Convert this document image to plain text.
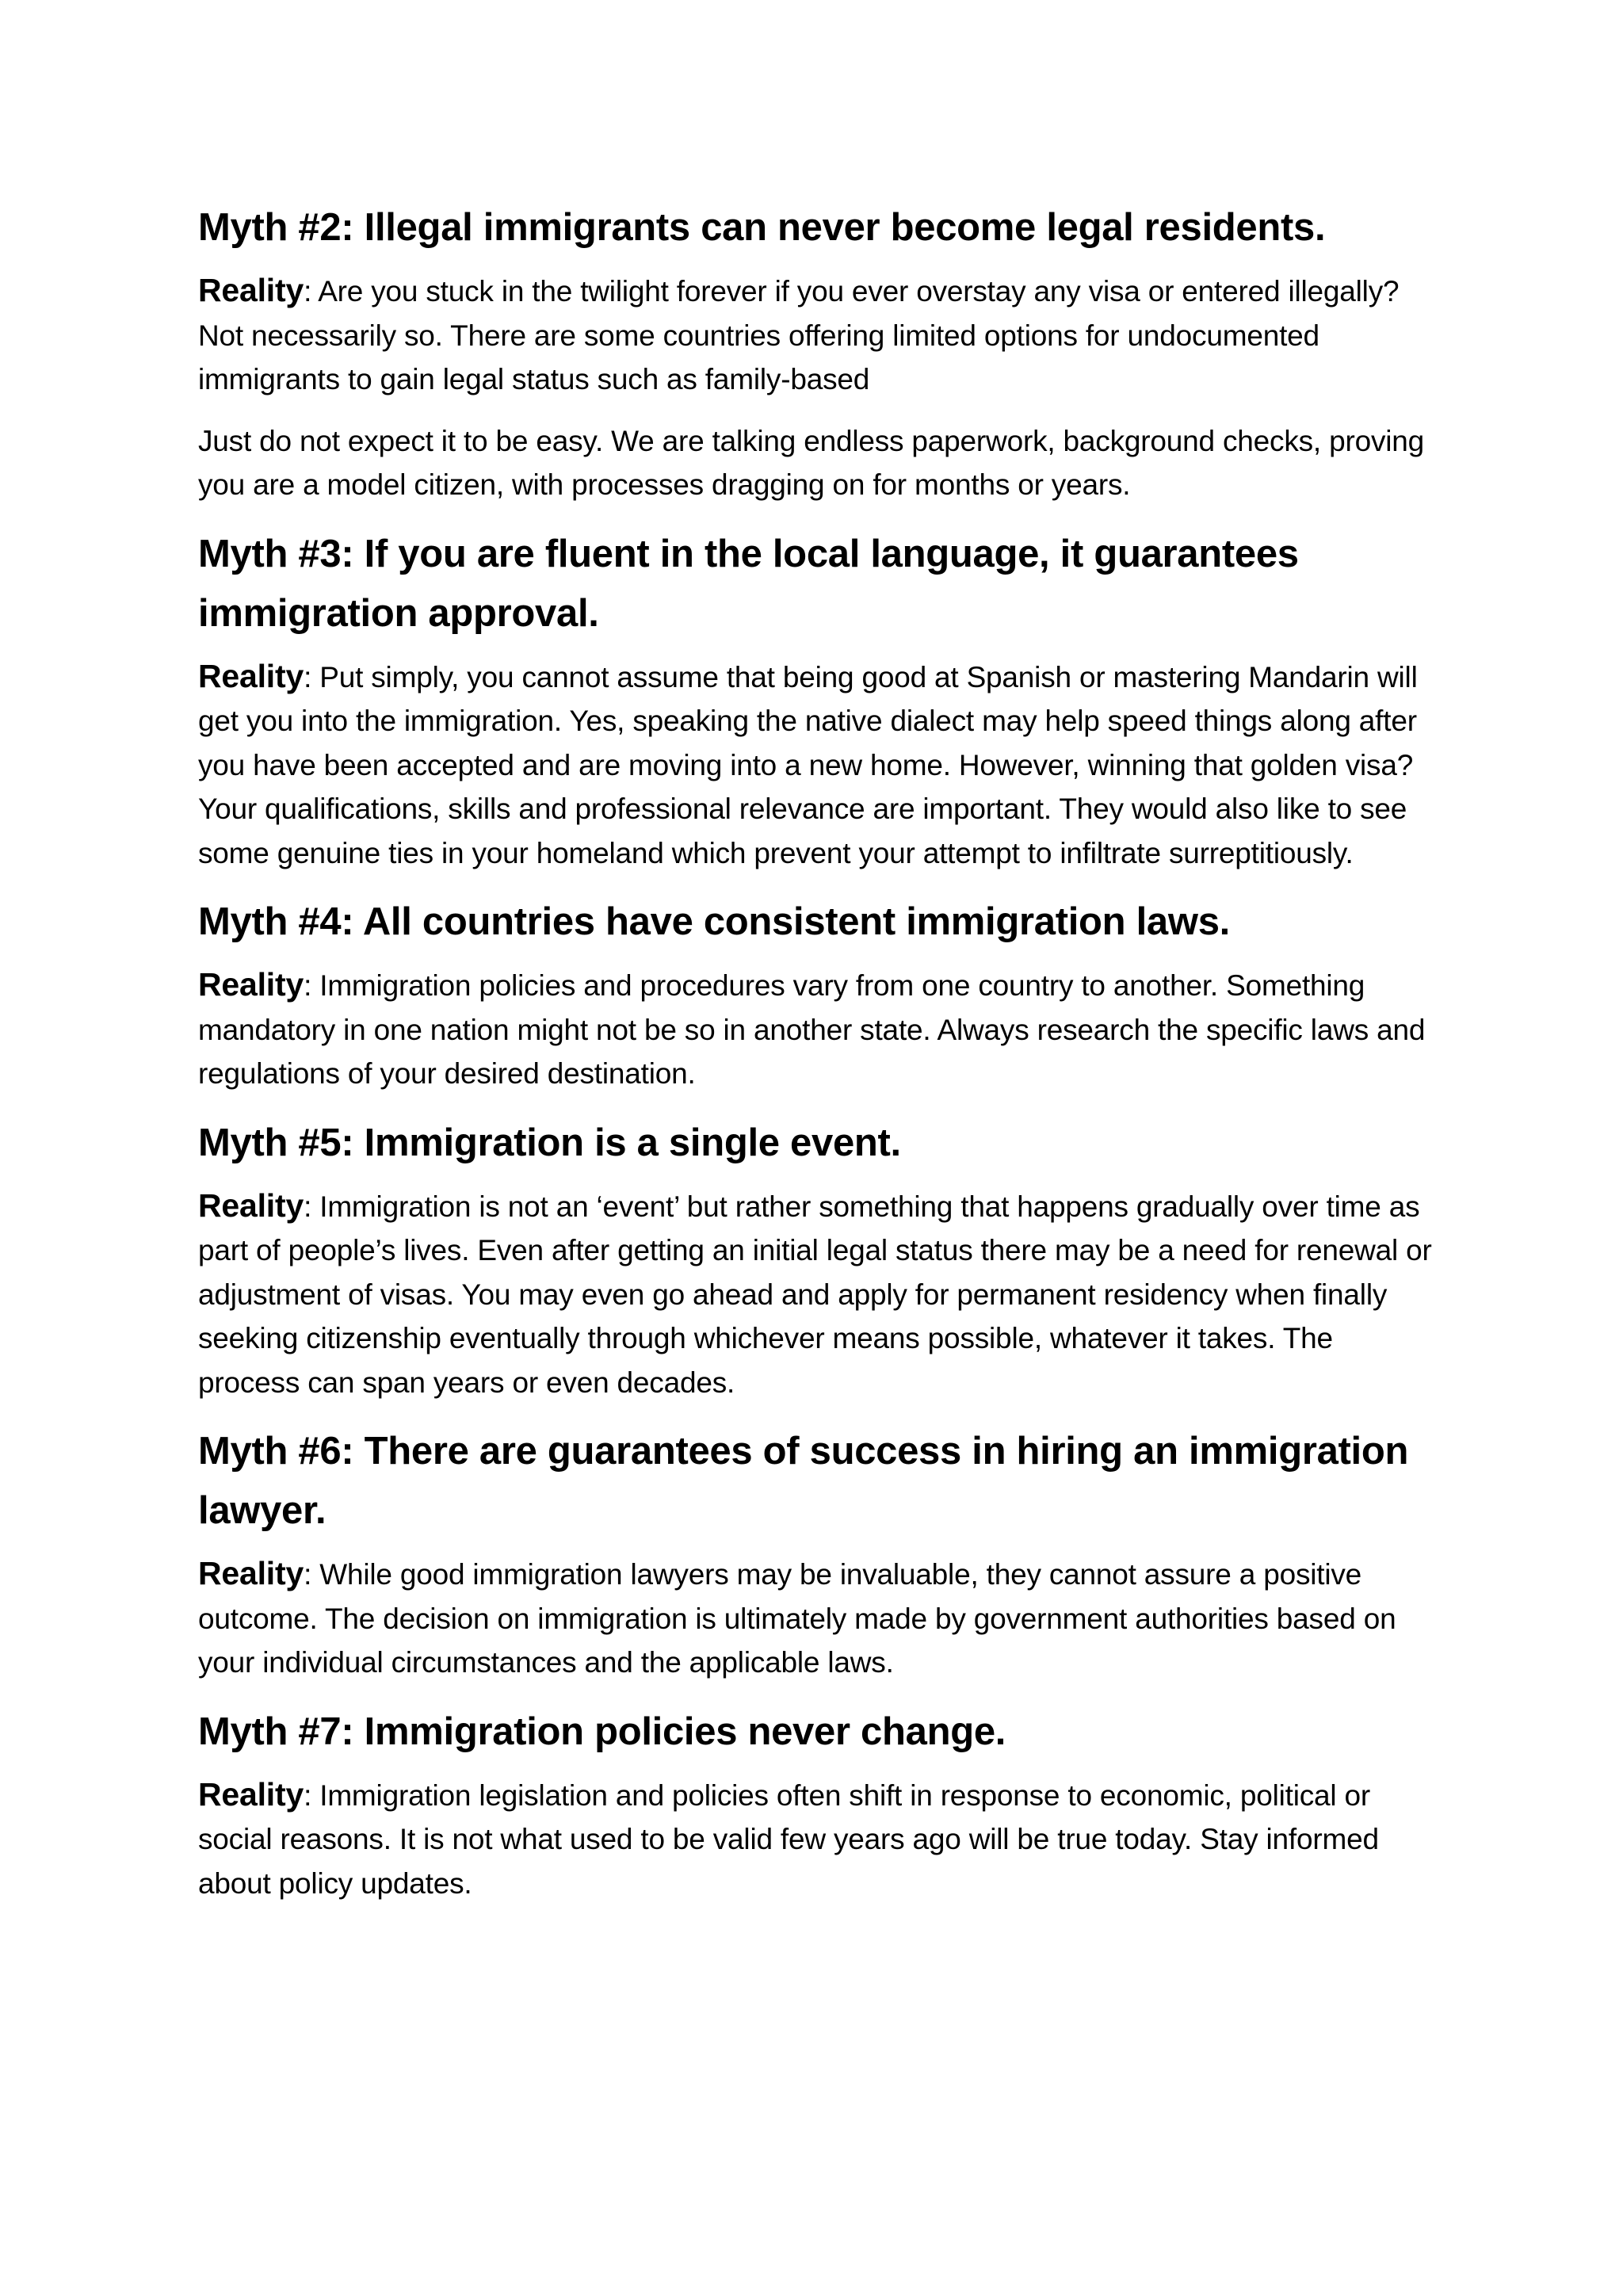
Myth #2: Illegal immigrants can never become legal residents.

Reality: Are you stuck in the twilight forever if you ever overstay any visa or entered illegally? Not necessarily so. There are some countries offering limited options for undocumented immigrants to gain legal status such as family-based

Just do not expect it to be easy. We are talking endless paperwork, background checks, proving you are a model citizen, with processes dragging on for months or years.

Myth #3: If you are fluent in the local language, it guarantees immigration approval.

Reality: Put simply, you cannot assume that being good at Spanish or mastering Mandarin will get you into the immigration. Yes, speaking the native dialect may help speed things along after you have been accepted and are moving into a new home. However, winning that golden visa? Your qualifications, skills and professional relevance are important. They would also like to see some genuine ties in your homeland which prevent your attempt to infiltrate surreptitiously.

Myth #4: All countries have consistent immigration laws.

Reality: Immigration policies and procedures vary from one country to another. Something mandatory in one nation might not be so in another state. Always research the specific laws and regulations of your desired destination.

Myth #5: Immigration is a single event.

Reality: Immigration is not an ‘event’ but rather something that happens gradually over time as part of people’s lives. Even after getting an initial legal status there may be a need for renewal or adjustment of visas. You may even go ahead and apply for permanent residency when finally seeking citizenship eventually through whichever means possible, whatever it takes. The process can span years or even decades.

Myth #6: There are guarantees of success in hiring an immigration lawyer.

Reality: While good immigration lawyers may be invaluable, they cannot assure a positive outcome. The decision on immigration is ultimately made by government authorities based on your individual circumstances and the applicable laws.

Myth #7: Immigration policies never change.

Reality: Immigration legislation and policies often shift in response to economic, political or social reasons. It is not what used to be valid few years ago will be true today. Stay informed about policy updates.
